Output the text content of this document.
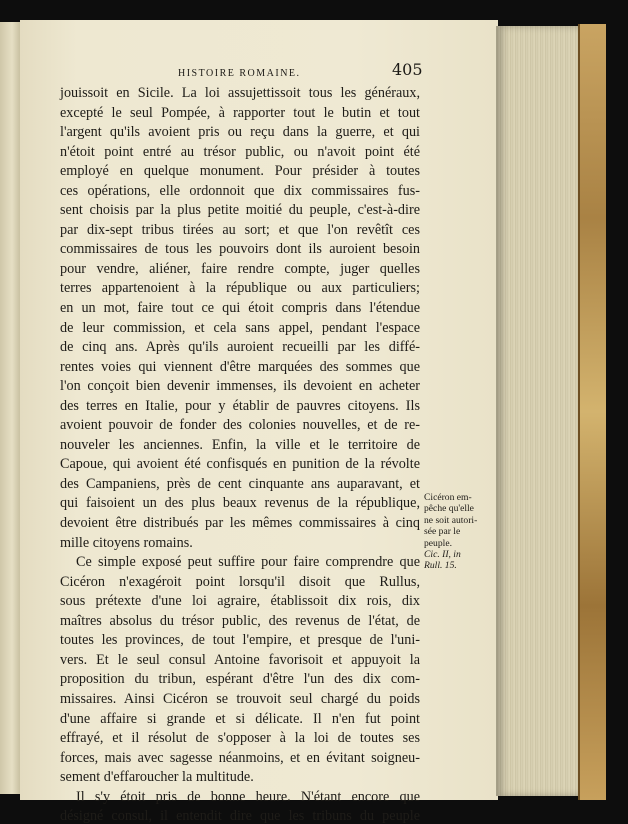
HISTOIRE ROMAINE.	405
jouissoit en Sicile. La loi assujettissoit tous les généraux,
excepté le seul Pompée, à rapporter tout le butin et tout
l'argent qu'ils avoient pris ou reçu dans la guerre, et qui
n'étoit point entré au trésor public, ou n'avoit point été
employé en quelque monument. Pour présider à toutes
ces opérations, elle ordonnoit que dix commissaires fus-
sent choisis par la plus petite moitié du peuple, c'est-à-dire
par dix-sept tribus tirées au sort; et que l'on revêtît ces
commissaires de tous les pouvoirs dont ils auroient besoin
pour vendre, aliéner, faire rendre compte, juger quelles
terres appartenoient à la république ou aux particuliers;
en un mot, faire tout ce qui étoit compris dans l'étendue
de leur commission, et cela sans appel, pendant l'espace
de cinq ans. Après qu'ils auroient recueilli par les diffé-
rentes voies qui viennent d'être marquées des sommes que
l'on conçoit bien devenir immenses, ils devoient en acheter
des terres en Italie, pour y établir de pauvres citoyens. Ils
avoient pouvoir de fonder des colonies nouvelles, et de re-
nouveler les anciennes. Enfin, la ville et le territoire de
Capoue, qui avoient été confisqués en punition de la révolte
des Campaniens, près de cent cinquante ans auparavant, et
qui faisoient un des plus beaux revenus de la république,
devoient être distribués par les mêmes commissaires à cinq
mille citoyens romains.
Ce simple exposé peut suffire pour faire comprendre que
Cicéron n'exagéroit point lorsqu'il disoit que Rullus,
sous prétexte d'une loi agraire, établissoit dix rois, dix
maîtres absolus du trésor public, des revenus de l'état, de
toutes les provinces, de tout l'empire, et presque de l'uni-
vers. Et le seul consul Antoine favorisoit et appuyoit la
proposition du tribun, espérant d'être l'un des dix com-
missaires. Ainsi Cicéron se trouvoit seul chargé du poids
d'une affaire si grande et si délicate. Il n'en fut point
effrayé, et il résolut de s'opposer à la loi de toutes ses
forces, mais avec sagesse néanmoins, et en évitant soigneu-
sement d'effaroucher la multitude.
Il s'y étoit pris de bonne heure. N'étant encore que
désigné consul, il entendit dire que les tribuns du peuple
Cicéron em-
pêche qu'elle
ne soit autori-
sée par le
peuple.
Cic. II, in
Rull. 15.
